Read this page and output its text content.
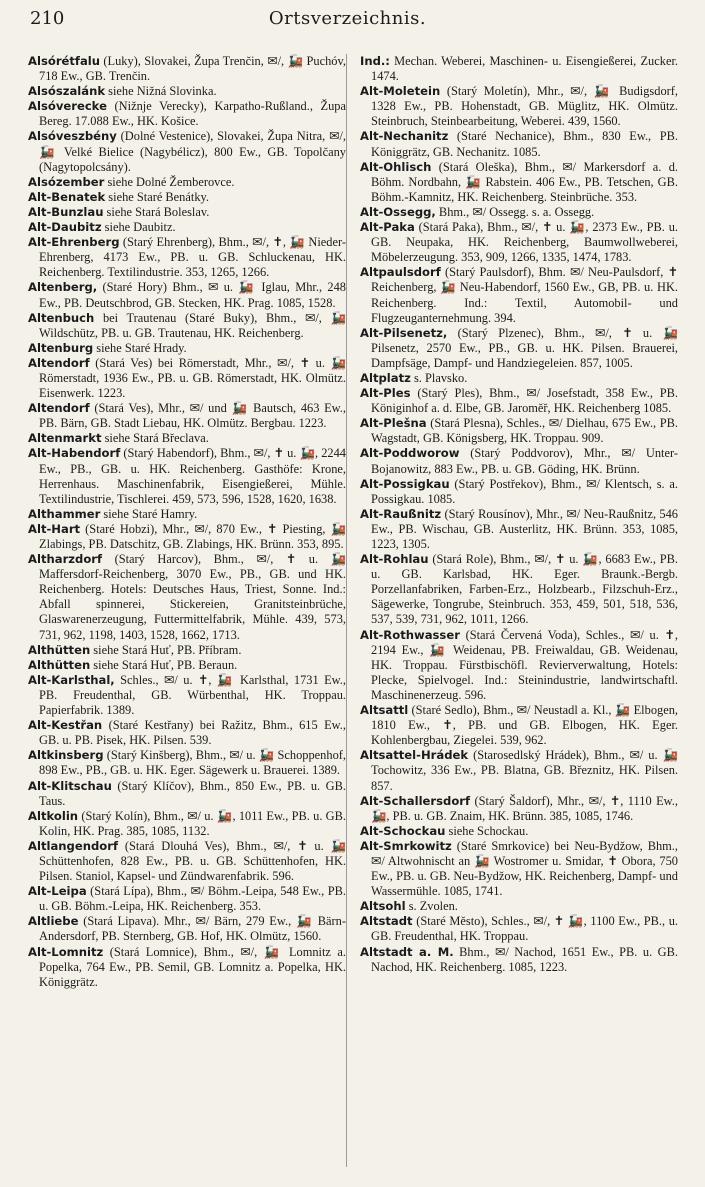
210	Ortsverzeichnis.

Alsórétfalu (Luky), Slovakei, Župa Trenčin, ✉/, 🚂 Puchóv, 718 Ew., GB. Trenčin.

Alsószalánk siehe Nižná Slovinka.

Alsóverecke (Nižnje Verecky), Karpatho-Rußland., Župa Bereg. 17.088 Ew., HK. Košice.

Alsóveszbény (Dolné Vestenice), Slovakei, Župa Nitra, ✉/, 🚂 Velké Bielice (Nagybélicz), 800 Ew., GB. Topolčany (Nagytopolcsány).

Alsózember siehe Dolné Žemberovce.

Alt-Benatek siehe Staré Benátky.

Alt-Bunzlau siehe Stará Boleslav.

Alt-Daubitz siehe Daubitz.

Alt-Ehrenberg (Starý Ehrenberg), Bhm., ✉/, ✝, 🚂 Nieder-Ehrenberg, 4173 Ew., PB. u. GB. Schluckenau, HK. Reichenberg. Textilindustrie. 353, 1265, 1266.

Altenberg, (Staré Hory) Bhm., ✉ u. 🚂 Iglau, Mhr., 248 Ew., PB. Deutschbrod, GB. Stecken, HK. Prag. 1085, 1528.

Altenbuch bei Trautenau (Staré Buky), Bhm., ✉/, 🚂 Wildschütz, PB. u. GB. Trautenau, HK. Reichenberg.

Altenburg siehe Staré Hrady.

Altendorf (Stará Ves) bei Römerstadt, Mhr., ✉/, ✝ u. 🚂 Römerstadt, 1936 Ew., PB. u. GB. Römerstadt, HK. Olmütz. Eisenwerk. 1223.

Altendorf (Stará Ves), Mhr., ✉/ und 🚂 Bautsch, 463 Ew., PB. Bärn, GB. Stadt Liebau, HK. Olmütz. Bergbau. 1223.

Altenmarkt siehe Stará Břeclava.

Alt-Habendorf (Starý Habendorf), Bhm., ✉/, ✝ u. 🚂, 2244 Ew., PB., GB. u. HK. Reichenberg. Gasthöfe: Krone, Herrenhaus. Maschinenfabrik, Eisengießerei, Mühle. Textilindustrie, Tischlerei. 459, 573, 596, 1528, 1620, 1638.

Althammer siehe Staré Hamry.

Alt-Hart (Staré Hobzi), Mhr., ✉/, 870 Ew., ✝ Piesting, 🚂 Zlabings, PB. Datschitz, GB. Zlabings, HK. Brünn. 353, 895.

Altharzdorf (Starý Harcov), Bhm., ✉/, ✝ u. 🚂 Maffersdorf-Reichenberg, 3070 Ew., PB., GB. und HK. Reichenberg. Hotels: Deutsches Haus, Triest, Sonne. Ind.: Abfall spinnerei, Stickereien, Granitsteinbrüche, Glaswarenerzeugung, Futtermittelfabrik, Mühle. 439, 573, 731, 962, 1198, 1403, 1528, 1662, 1713.

Althütten siehe Stará Huť, PB. Příbram.

Althütten siehe Stará Huť, PB. Beraun.

Alt-Karlsthal, Schles., ✉/ u. ✝, 🚂 Karlsthal, 1731 Ew., PB. Freudenthal, GB. Würbenthal, HK. Troppau. Papierfabrik. 1389.

Alt-Kestřan (Staré Kestřany) bei Ražitz, Bhm., 615 Ew., GB. u. PB. Pisek, HK. Pilsen. 539.

Altkinsberg (Starý Kinšberg), Bhm., ✉/ u. 🚂 Schoppenhof, 898 Ew., PB., GB. u. HK. Eger. Sägewerk u. Brauerei. 1389.

Alt-Klitschau (Starý Klíčov), Bhm., 850 Ew., PB. u. GB. Taus.

Altkolin (Starý Kolín), Bhm., ✉/ u. 🚂, 1011 Ew., PB. u. GB. Kolin, HK. Prag. 385, 1085, 1132.

Altlangendorf (Stará Dlouhá Ves), Bhm., ✉/, ✝ u. 🚂 Schüttenhofen, 828 Ew., PB. u. GB. Schüttenhofen, HK. Pilsen. Staniol, Kapsel- und Zündwarenfabrik. 596.

Alt-Leipa (Stará Lípa), Bhm., ✉/ Böhm.-Leipa, 548 Ew., PB. u. GB. Böhm.-Leipa, HK. Reichenberg. 353.

Altliebe (Stará Lipava). Mhr., ✉/ Bärn, 279 Ew., 🚂 Bärn-Andersdorf, PB. Sternberg, GB. Hof, HK. Olmütz, 1560.

Alt-Lomnitz (Stará Lomnice), Bhm., ✉/, 🚂 Lomnitz a. Popelka, 764 Ew., PB. Semil, GB. Lomnitz a. Popelka, HK. Königgrätz.

Ind.: Mechan. Weberei, Maschinen- u. Eisengießerei, Zucker. 1474.

Alt-Moletein (Starý Moletín), Mhr., ✉/, 🚂 Budigsdorf, 1328 Ew., PB. Hohenstadt, GB. Müglitz, HK. Olmütz. Steinbruch, Steinbearbeitung, Weberei. 439, 1560.

Alt-Nechanitz (Staré Nechanice), Bhm., 830 Ew., PB. Königgrätz, GB. Nechanitz. 1085.

Alt-Ohlisch (Stará Oleška), Bhm., ✉/ Markersdorf a. d. Böhm. Nordbahn, 🚂 Rabstein. 406 Ew., PB. Tetschen, GB. Böhm.-Kamnitz, HK. Reichenberg. Steinbrüche. 353.

Alt-Ossegg, Bhm., ✉/ Ossegg. s. a. Ossegg.

Alt-Paka (Stará Paka), Bhm., ✉/, ✝ u. 🚂, 2373 Ew., PB. u. GB. Neupaka, HK. Reichenberg, Baumwollweberei, Möbelerzeugung. 353, 909, 1266, 1335, 1474, 1783.

Altpaulsdorf (Starý Paulsdorf), Bhm. ✉/ Neu-Paulsdorf, ✝ Reichenberg, 🚂 Neu-Habendorf, 1560 Ew., GB, PB. u. HK. Reichenberg. Ind.: Textil, Automobil- und Flugzeuganternehmung. 394.

Alt-Pilsenetz, (Starý Plzenec), Bhm., ✉/, ✝ u. 🚂 Pilsenetz, 2570 Ew., PB., GB. u. HK. Pilsen. Brauerei, Dampfsäge, Dampf- und Handziegeleien. 857, 1005.

Altplatz s. Plavsko.

Alt-Ples (Starý Ples), Bhm., ✉/ Josefstadt, 358 Ew., PB. Königinhof a. d. Elbe, GB. Jaroměř, HK. Reichenberg 1085.

Alt-Plešna (Stará Plesna), Schles., ✉/ Dielhau, 675 Ew., PB. Wagstadt, GB. Königsberg, HK. Troppau. 909.

Alt-Poddworow (Starý Poddvorov), Mhr., ✉/ Unter-Bojanowitz, 883 Ew., PB. u. GB. Göding, HK. Brünn.

Alt-Possigkau (Starý Postřekov), Bhm., ✉/ Klentsch, s. a. Possigkau. 1085.

Alt-Raußnitz (Starý Rousínov), Mhr., ✉/ Neu-Raußnitz, 546 Ew., PB. Wischau, GB. Austerlitz, HK. Brünn. 353, 1085, 1223, 1305.

Alt-Rohlau (Stará Role), Bhm., ✉/, ✝ u. 🚂, 6683 Ew., PB. u. GB. Karlsbad, HK. Eger. Braunk.-Bergb. Porzellanfabriken, Farben-Erz., Holzbearb., Filzschuh-Erz., Sägewerke, Tongrube, Steinbruch. 353, 459, 501, 518, 536, 537, 539, 731, 962, 1011, 1266.

Alt-Rothwasser (Stará Červená Voda), Schles., ✉/ u. ✝, 2194 Ew., 🚂 Weidenau, PB. Freiwaldau, GB. Weidenau, HK. Troppau. Fürstbischöfl. Revierverwaltung, Hotels: Plecke, Spielvogel. Ind.: Steinindustrie, landwirtschaftl. Maschinenerzeug. 596.

Altsattl (Staré Sedlo), Bhm., ✉/ Neustadl a. Kl., 🚂 Elbogen, 1810 Ew., ✝, PB. und GB. Elbogen, HK. Eger. Kohlenbergbau, Ziegelei. 539, 962.

Altsattel-Hrádek (Starosedlský Hrádek), Bhm., ✉/ u. 🚂 Tochowitz, 336 Ew., PB. Blatna, GB. Březnitz, HK. Pilsen. 857.

Alt-Schallersdorf (Starý Šaldorf), Mhr., ✉/, ✝, 1110 Ew., 🚂, PB. u. GB. Znaim, HK. Brünn. 385, 1085, 1746.

Alt-Schockau siehe Schockau.

Alt-Smrkowitz (Staré Smrkovice) bei Neu-Bydžow, Bhm., ✉/ Altwohnischt an 🚂 Wostromer u. Smidar, ✝ Obora, 750 Ew., PB. u. GB. Neu-Bydžow, HK. Reichenberg, Dampf- und Wassermühle. 1085, 1741.

Altsohl s. Zvolen.

Altstadt (Staré Město), Schles., ✉/, ✝ 🚂, 1100 Ew., PB., u. GB. Freudenthal, HK. Troppau.

Altstadt a. M. Bhm., ✉/ Nachod, 1651 Ew., PB. u. GB. Nachod, HK. Reichenberg. 1085, 1223.
